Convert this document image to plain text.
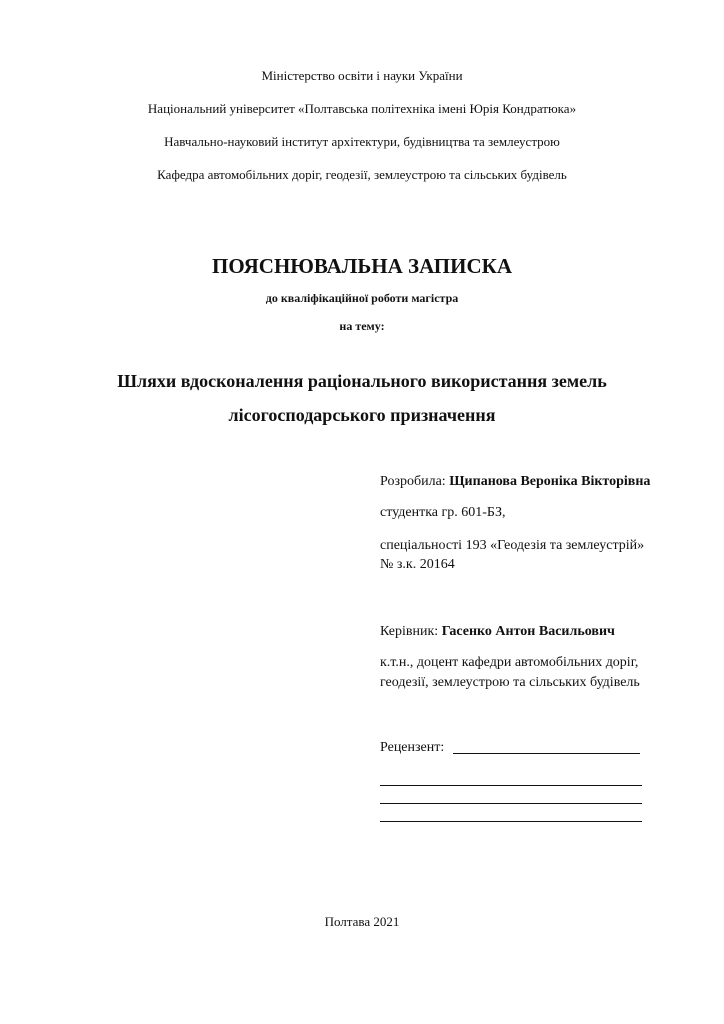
Міністерство освіти і науки України
Національний університет «Полтавська політехніка імені Юрія Кондратюка»
Навчально-науковий інститут архітектури, будівництва та землеустрою
Кафедра автомобільних доріг, геодезії, землеустрою та сільських будівель
ПОЯСНЮВАЛЬНА ЗАПИСКА
до кваліфікаційної роботи магістра
на тему:
Шляхи вдосконалення раціонального використання земель
лісогосподарського призначення
Розробила: Щипанова Вероніка Вікторівна
студентка гр. 601-БЗ,
спеціальності 193 «Геодезія та землеустрій»
№ з.к. 20164
Керівник: Гасенко Антон Васильович
к.т.н., доцент кафедри автомобільних доріг,
геодезії, землеустрою та сільських будівель
Рецензент:
Полтава 2021
